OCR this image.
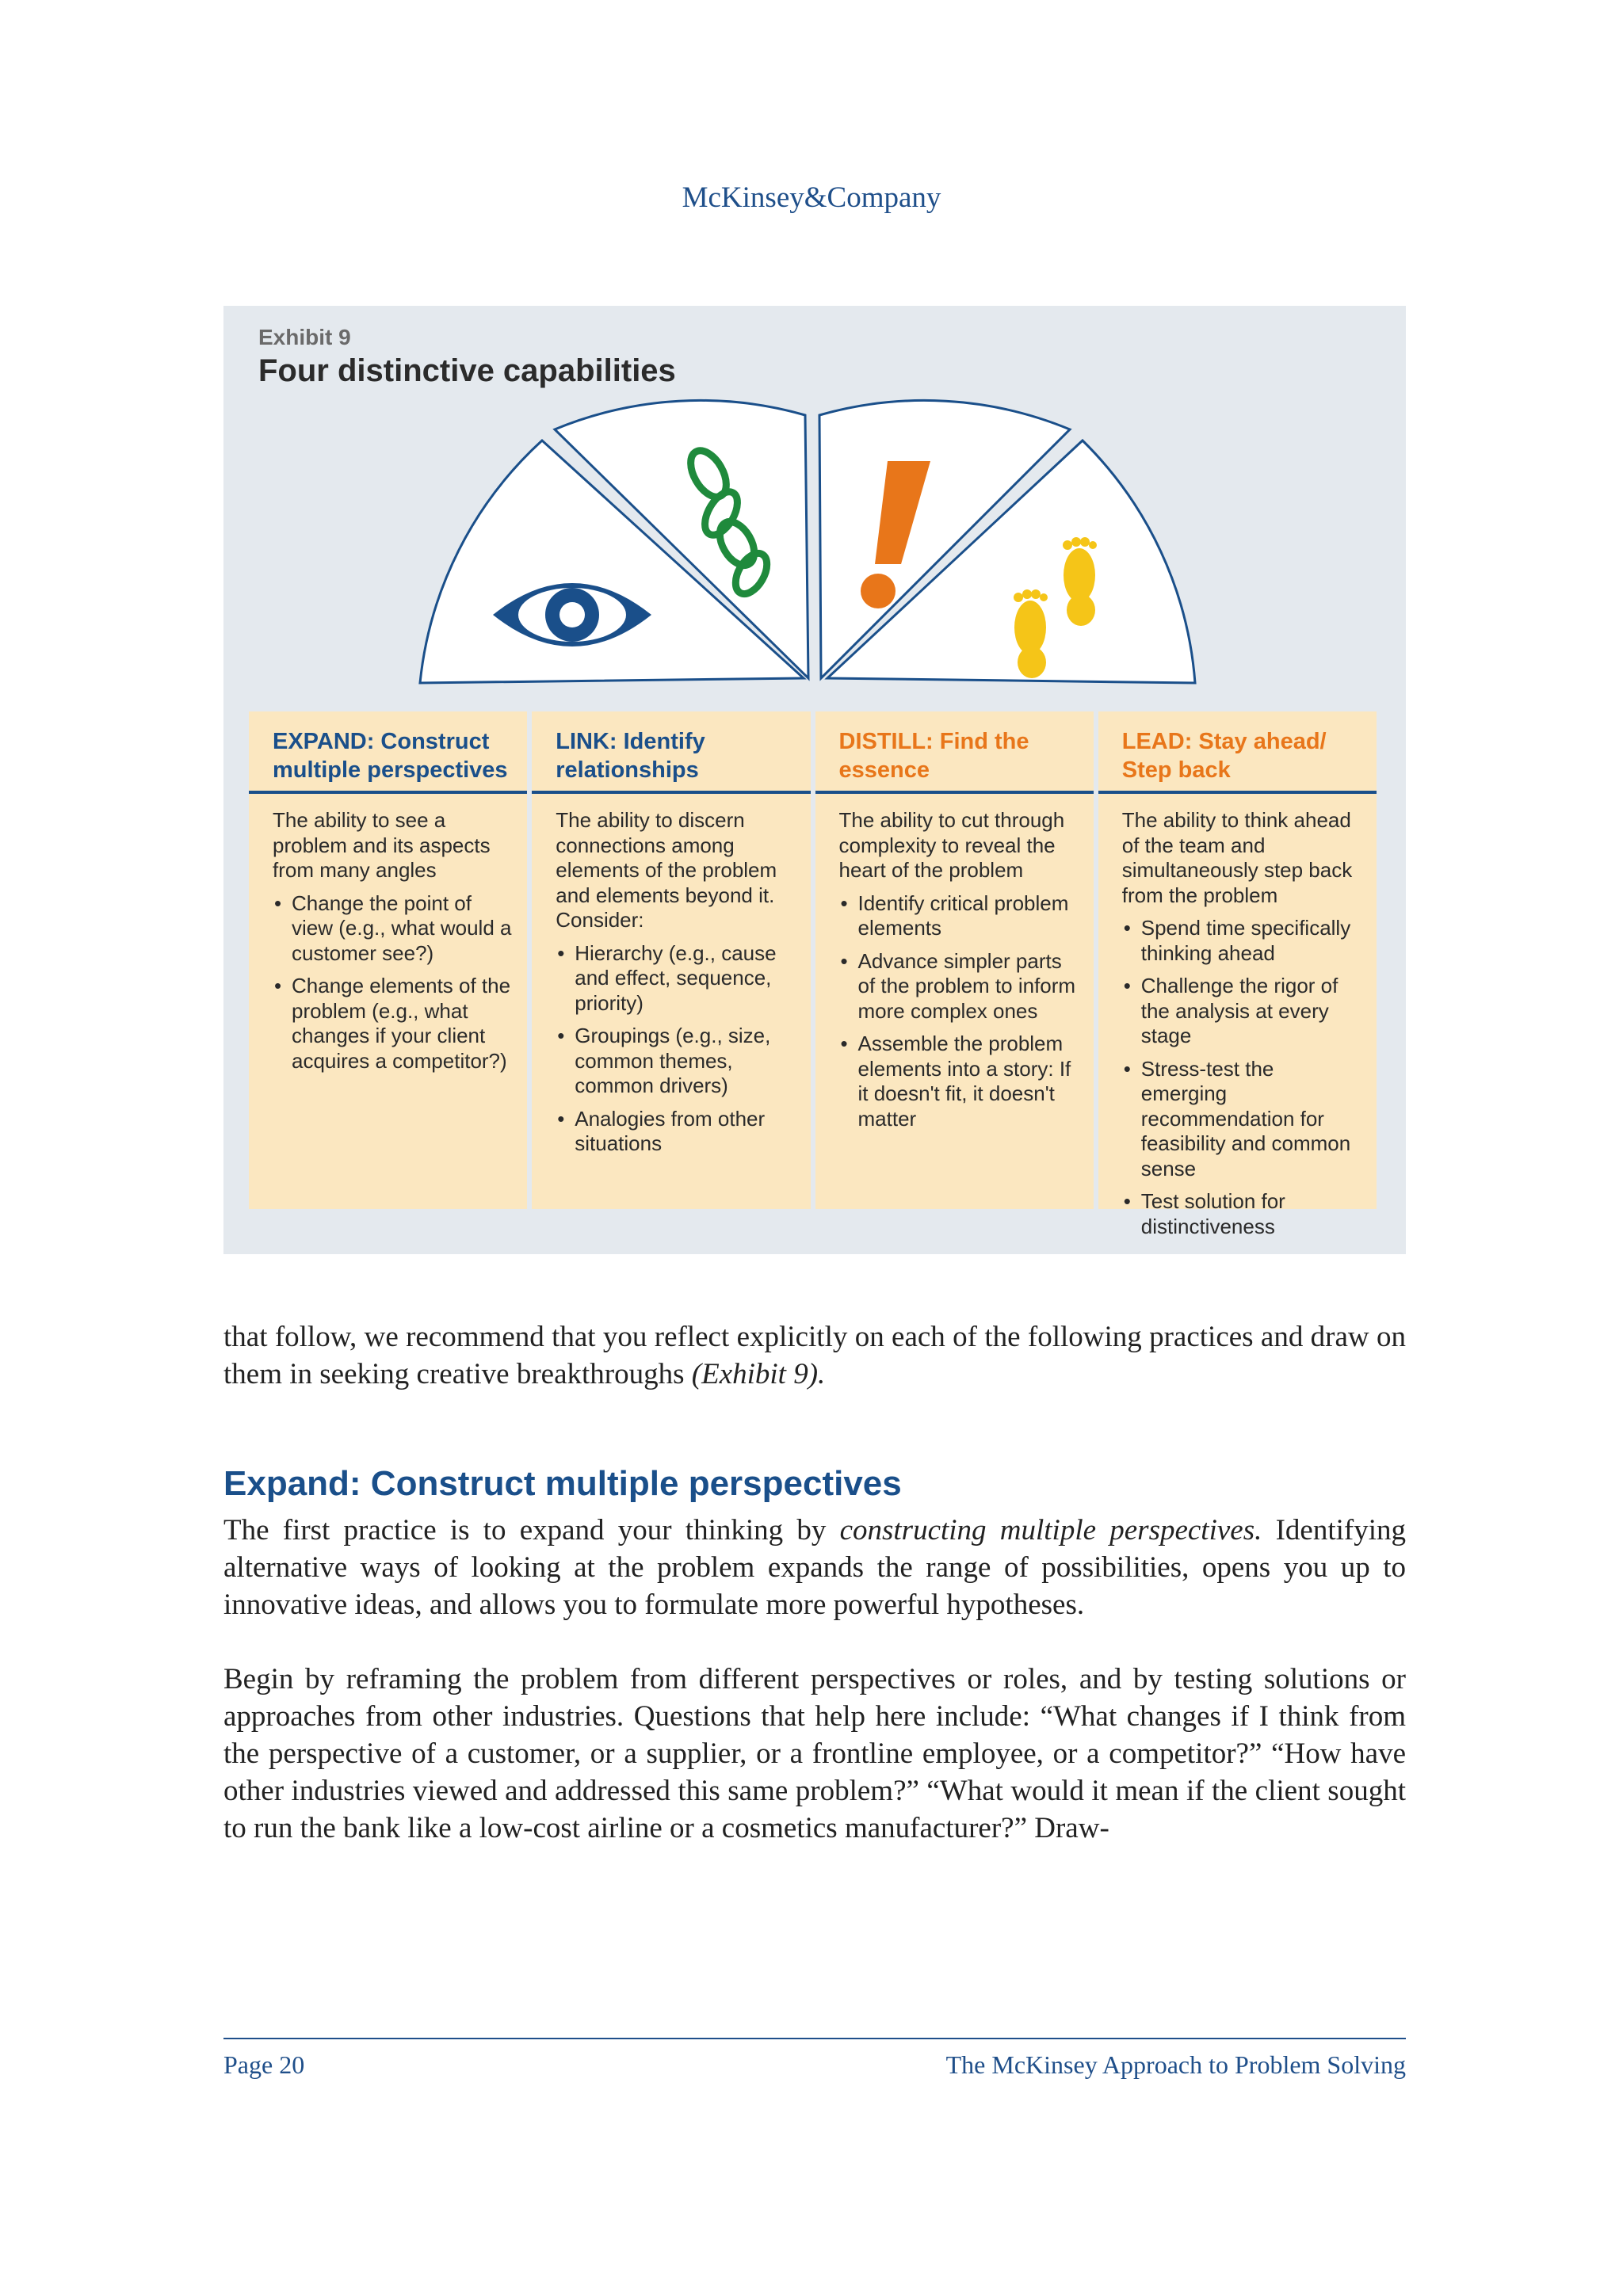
McKinsey&Company
Exhibit 9
Four distinctive capabilities
EXPAND: Construct multiple perspectives

The ability to see a problem and its aspects from many angles

• Change the point of view (e.g., what would a customer see?)
• Change elements of the problem (e.g., what changes if your client acquires a competitor?)
LINK: Identify relationships

The ability to discern connections among elements of the problem and elements beyond it. Consider:

• Hierarchy (e.g., cause and effect, sequence, priority)
• Groupings (e.g., size, common themes, common drivers)
• Analogies from other situations
DISTILL: Find the essence

The ability to cut through complexity to reveal the heart of the problem

• Identify critical problem elements
• Advance simpler parts of the problem to inform more complex ones
• Assemble the problem elements into a story: If it doesn't fit, it doesn't matter
LEAD: Stay ahead/ Step back

The ability to think ahead of the team and simultaneously step back from the problem

• Spend time specifically thinking ahead
• Challenge the rigor of the analysis at every stage
• Stress-test the emerging recommendation for feasibility and common sense
• Test solution for distinctiveness
that follow, we recommend that you reflect explicitly on each of the following practices and draw on them in seeking creative breakthroughs (Exhibit 9).
Expand: Construct multiple perspectives
The first practice is to expand your thinking by constructing multiple perspectives. Identifying alternative ways of looking at the problem expands the range of possibilities, opens you up to innovative ideas, and allows you to formulate more powerful hypotheses.
Begin by reframing the problem from different perspectives or roles, and by testing solutions or approaches from other industries. Questions that help here include: “What changes if I think from the perspective of a customer, or a supplier, or a frontline employee, or a competitor?” “How have other industries viewed and addressed this same problem?” “What would it mean if the client sought to run the bank like a low-cost airline or a cosmetics manufacturer?” Draw-
Page 20	The McKinsey Approach to Problem Solving
